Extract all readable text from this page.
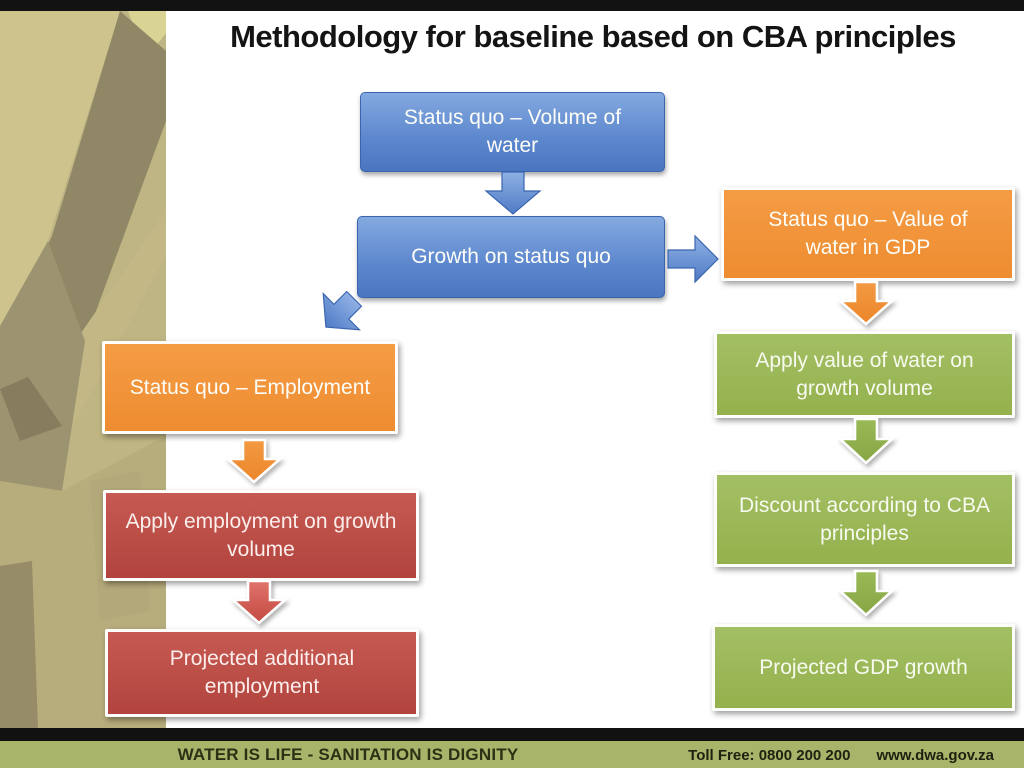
Methodology for baseline based on CBA principles
Status quo – Volume of water
Growth on status quo
Status quo – Value of water in GDP
Status quo – Employment
Apply value of water on growth volume
Apply employment on growth volume
Discount according to CBA principles
Projected additional employment
Projected GDP growth
WATER IS LIFE - SANITATION IS DIGNITY	Toll Free: 0800 200 200 www.dwa.gov.za
